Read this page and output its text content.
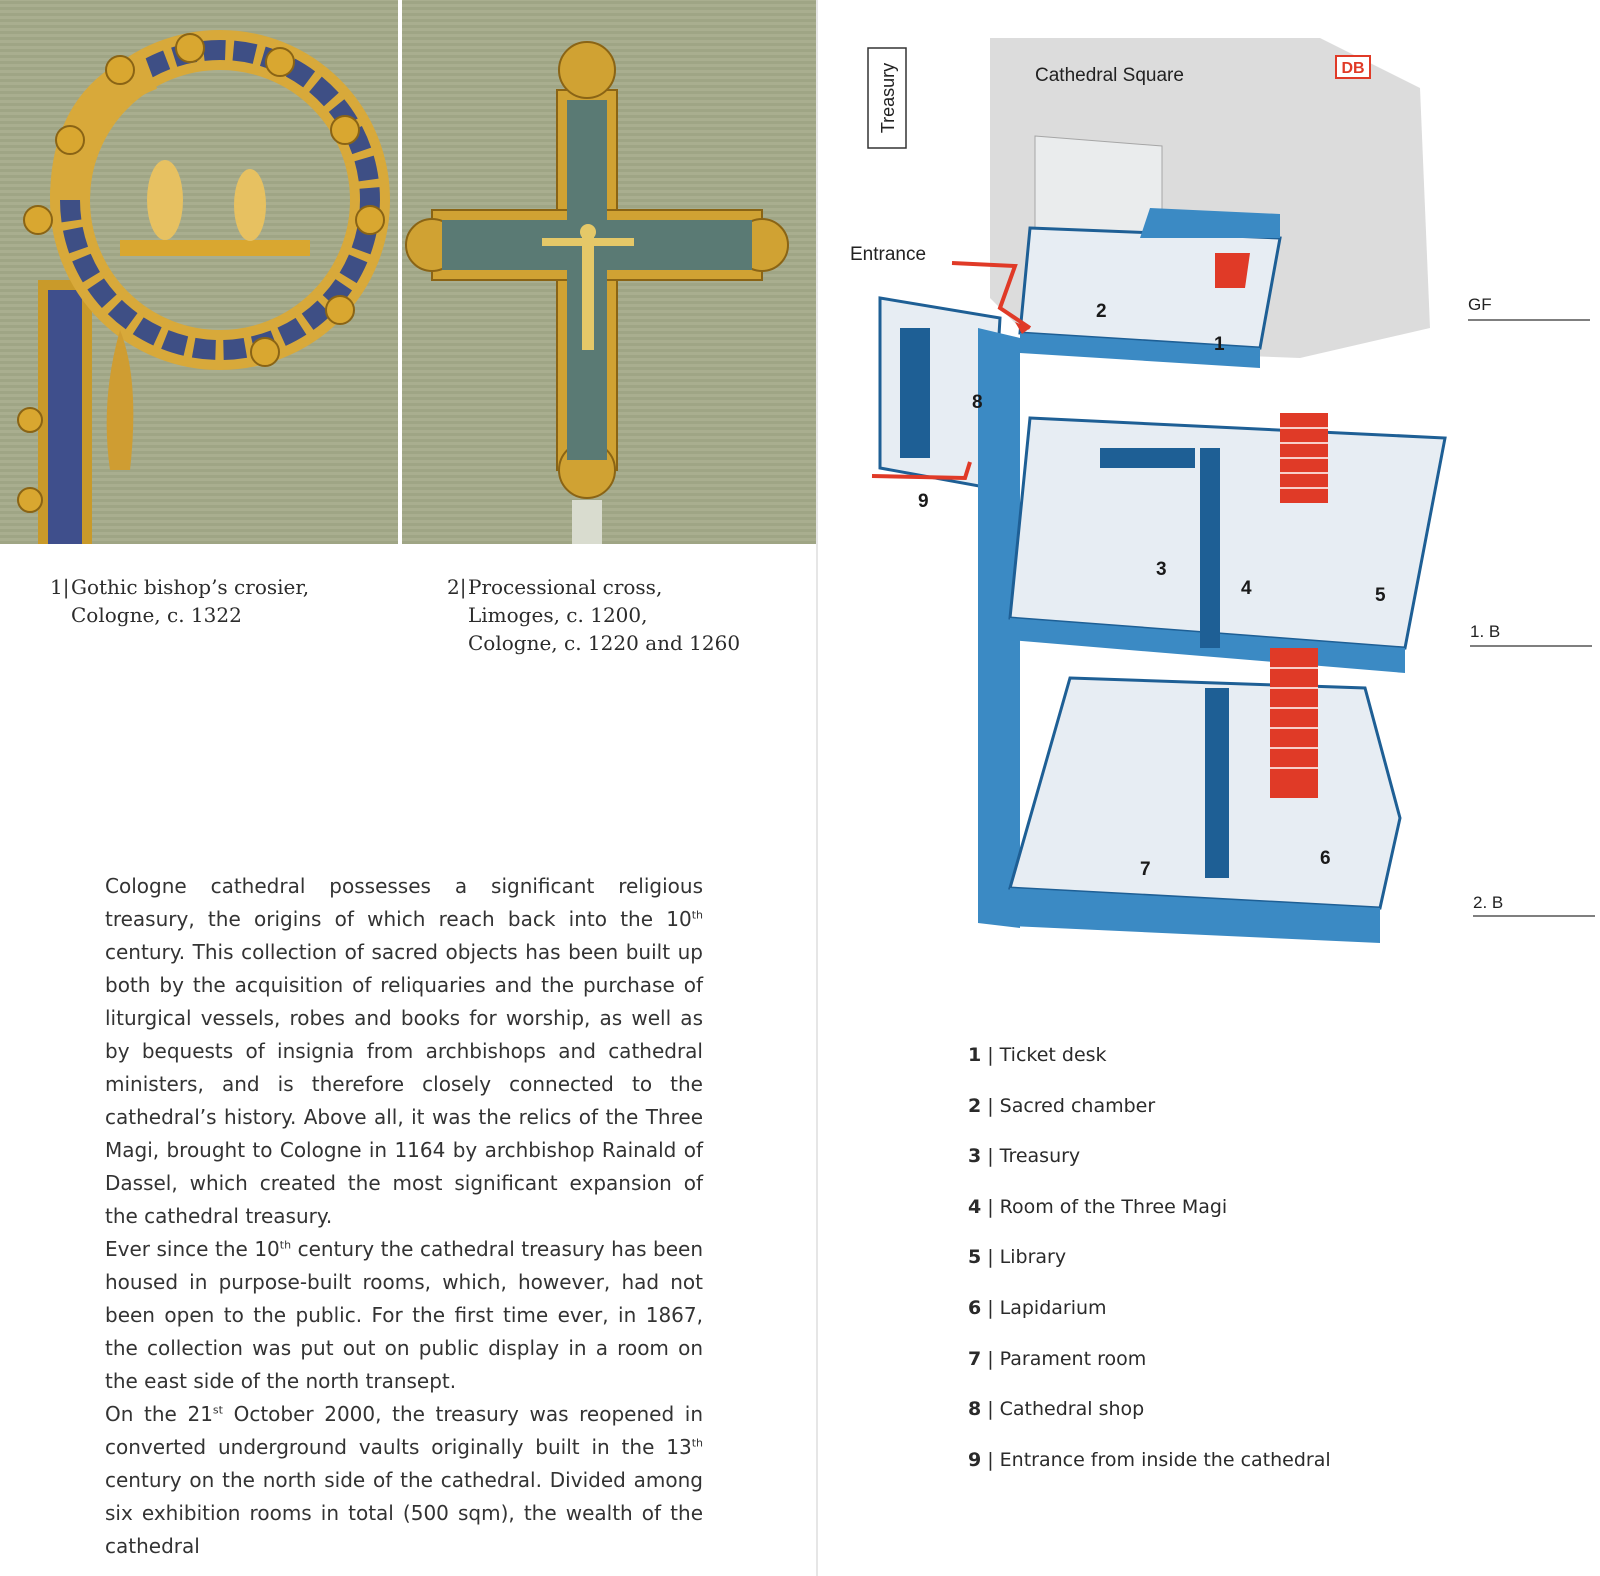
1| Gothic bishop’s crosier,
Cologne, c. 1322
2| Processional cross,
Limoges, c. 1200,
Cologne, c. 1220 and 1260

Cologne cathedral possesses a significant religious treasury, the origins of which reach back into the 10th century. This collection of sacred objects has been built up both by the acquisition of reliquaries and the purchase of liturgical vessels, robes and books for worship, as well as by bequests of insignia from archbishops and cathedral ministers, and is therefore closely connected to the cathedral’s history. Above all, it was the relics of the Three Magi, brought to Cologne in 1164 by archbishop Rainald of Dassel, which created the most significant expansion of the cathedral treasury.

Ever since the 10th century the cathedral treasury has been housed in purpose-built rooms, which, however, had not been open to the public. For the first time ever, in 1867, the collection was put out on public display in a room on the east side of the north transept.

On the 21st October 2000, the treasury was reopened in converted underground vaults originally built in the 13th century on the north side of the cathedral. Divided among six exhibition rooms in total (500 sqm), the wealth of the cathedral

Treasury	Cathedral Square	DB
Entrance
1
2
3
4	5
6
7
8
9
GF
1. B
2. B
1 | Ticket desk
2 | Sacred chamber
3 | Treasury
4 | Room of the Three Magi
5 | Library
6 | Lapidarium
7 | Parament room
8 | Cathedral shop
9 | Entrance from inside the cathedral
